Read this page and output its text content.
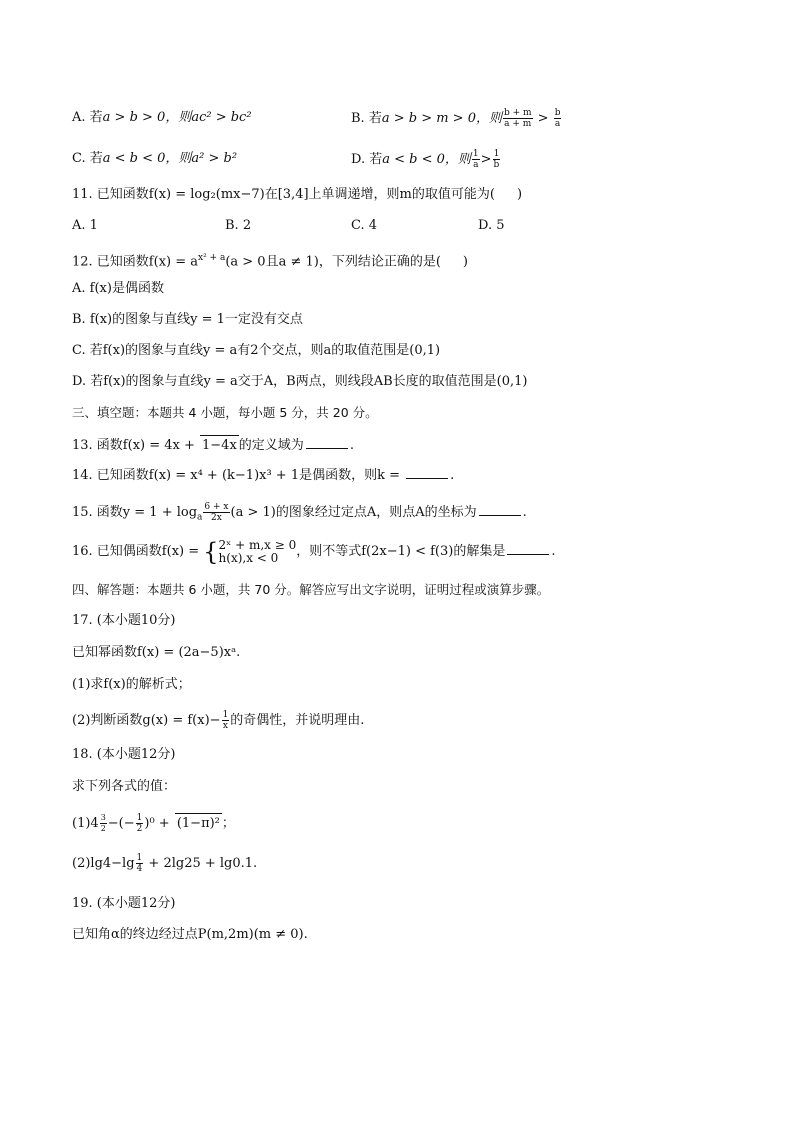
A. 若a > b > 0，则ac² > bc²	B. 若a > b > m > 0，则 $\frac{b + m}{a + m} > \frac{b}{a}$
C. 若a < b < 0，则a² > b²	D. 若a < b < 0，则 $\frac{1}{a} > \frac{1}{b}$
11. 已知函数f(x) = log₂(mx−7)在[3,4]上单调递增，则m的取值可能为( )
A. 1	B. 2	C. 4	D. 5
12. 已知函数$f(x) = a^{x^2 + a}(a > 0$且a ≠ 1)，下列结论正确的是( )
A. f(x)是偶函数
B. f(x)的图象与直线y = 1一定没有交点
C. 若f(x)的图象与直线y = a有2个交点，则a的取值范围是(0,1)
D. 若f(x)的图象与直线y = a交于A，B两点，则线段AB长度的取值范围是(0,1)
三、填空题：本题共 4 小题，每小题 5 分，共 20 分。
13. 函数f(x) = 4x + 1−4x 的定义域为	.
14. 已知函数f(x) = x⁴ + (k−1)x³ + 1是偶函数，则k =	.
15. 函数$y = 1 + \log_a \frac{6 + x}{2x} (a > 1)$的图象经过定点A，则点A的坐标为	.
16. 已知偶函数f(x) = { 2ˣ + m,x ≥ 0
h(x),x < 0	，则不等式f(2x−1) < f(3)的解集是	.
四、解答题：本题共 6 小题，共 70 分。解答应写出文字说明，证明过程或演算步骤。
17. (本小题10分)
已知幂函数f(x) = (2a−5)xᵃ.
(1)求f(x)的解析式；
(2)判断函数$g(x) = f(x)- \frac{1}{x}$ 的奇偶性，并说明理由.
18. (本小题12分)
求下列各式的值：
(1)4 $^{\frac{3}{2}}$ −(− $\frac{1}{2} )^0 + (1-\pi)^2$ ；
$(2)\lg 4-\lg \frac{1}{4} + 2\lg 25 + \lg 0.1$.
19. (本小题12分)
已知角α的终边经过点P(m,2m)(m ≠ 0).
